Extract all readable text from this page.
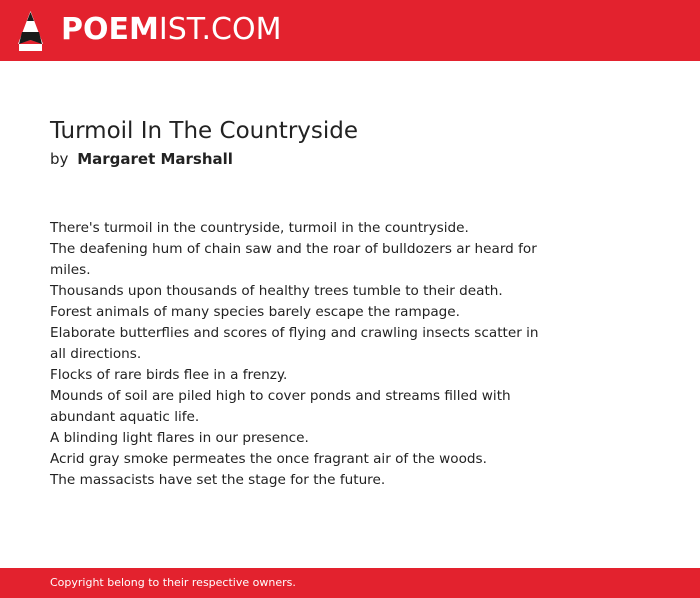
POEMIST.COM
Turmoil In The Countryside
by Margaret Marshall
There's turmoil in the countryside, turmoil in the countryside.
The deafening hum of chain saw and the roar of bulldozers ar heard for
miles.
Thousands upon thousands of healthy trees tumble to their death.
Forest animals of many species barely escape the rampage.
Elaborate butterflies and scores of flying and crawling insects scatter in
all directions.
Flocks of rare birds flee in a frenzy.
Mounds of soil are piled high to cover ponds and streams filled with
abundant aquatic life.
A blinding light flares in our presence.
Acrid gray smoke permeates the once fragrant air of the woods.
The massacists have set the stage for the future.
Copyright belong to their respective owners.
